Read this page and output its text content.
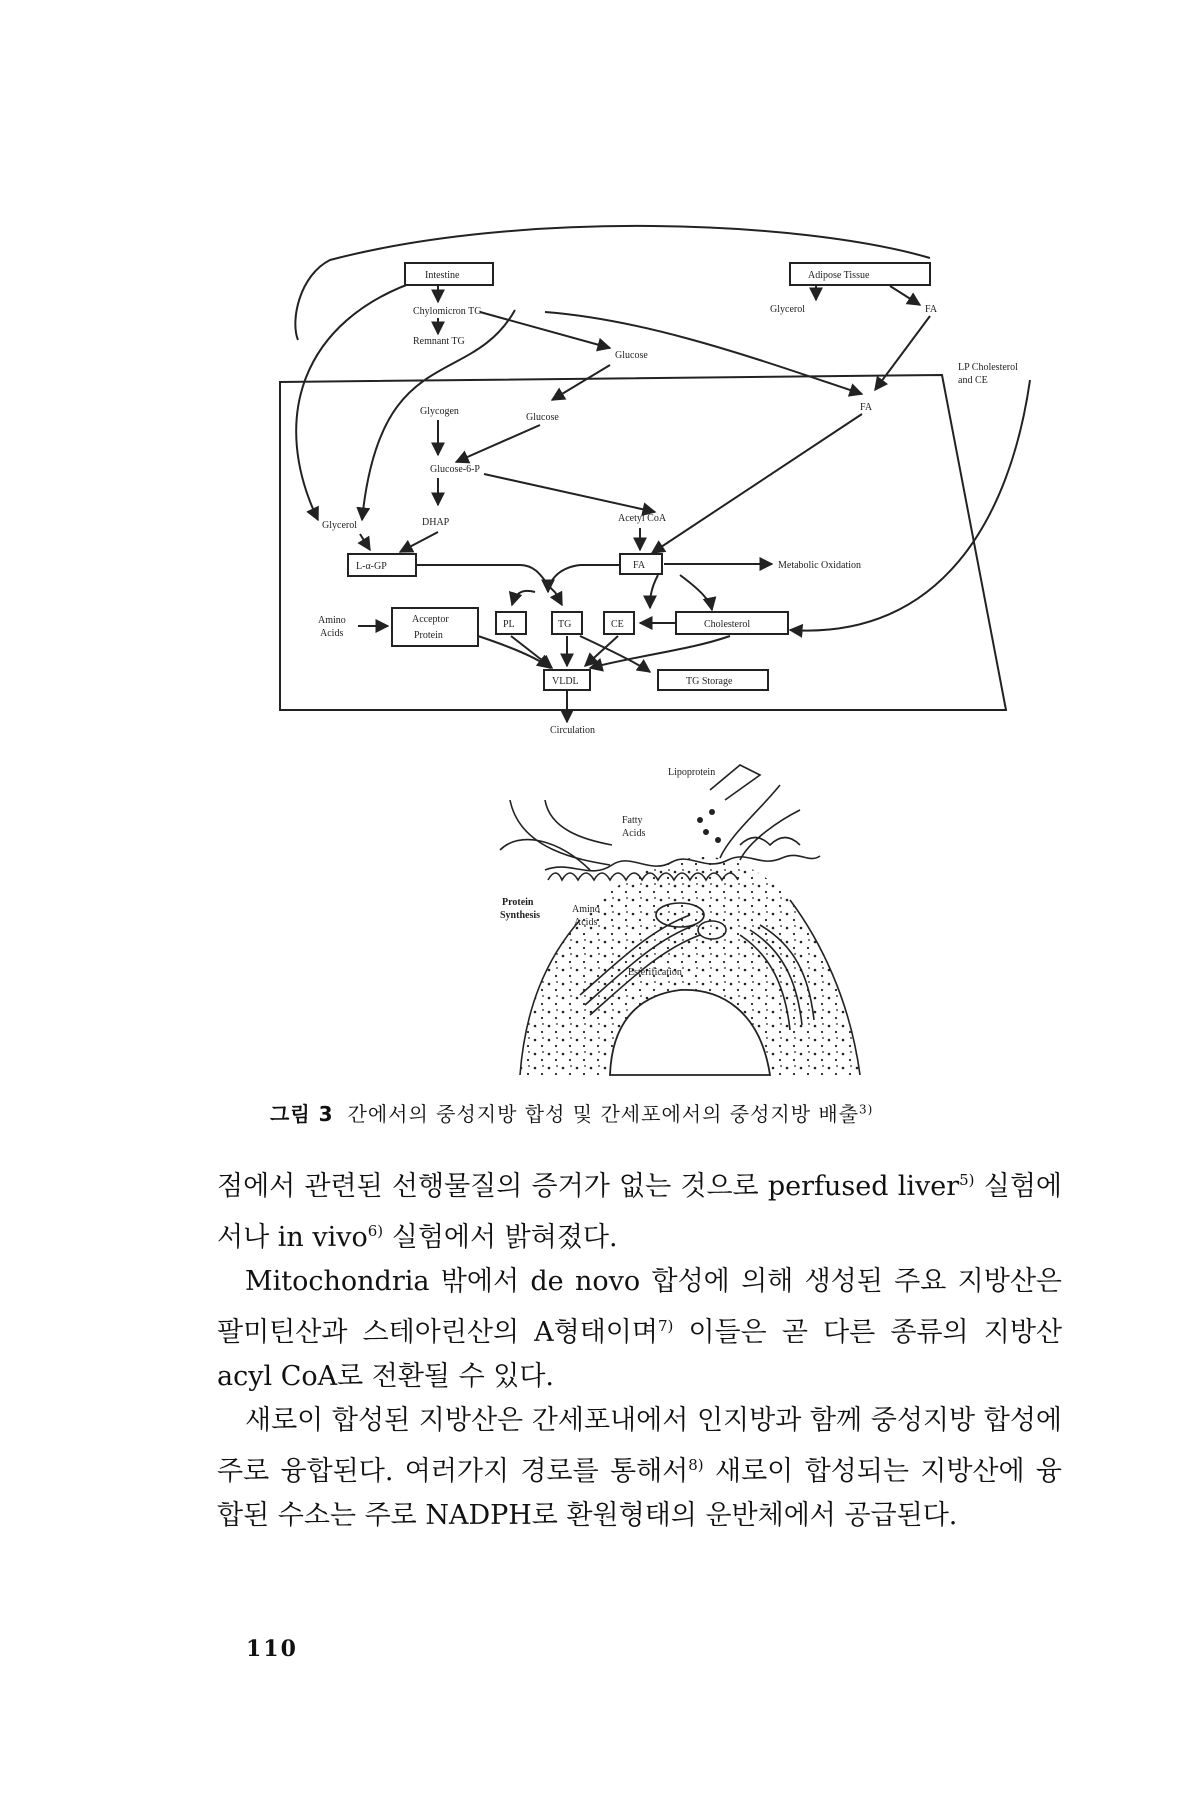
Intestine	Adipose Tissue
Chylomicron TG
Remnant TG
Glycerol	FA
Glucose
FA
LP Cholesterol
and CE
Glycogen
Glucose
Glucose-6-P
Glycerol	DHAP	Acetyl CoA
L-α-GP	FA	Metabolic Oxidation
Amino
Acids
Acceptor
Protein
PL	TG	CE	Cholesterol
VLDL	TG Storage
Circulation
Lipoprotein
Fatty
Acids
Protein
Synthesis
Amino
Acids
Esterification
그림 3 간에서의 중성지방 합성 및 간세포에서의 중성지방 배출$^{3)}$

점에서 관련된 선행물질의 증거가 없는 것으로 perfused liver$^{5)}$ 실험에서나 in vivo$^{6)}$ 실험에서 밝혀졌다.

Mitochondria 밖에서 de novo 합성에 의해 생성된 주요 지방산은 팔미틴산과 스테아린산의 A형태이며$^{7)}$ 이들은 곧 다른 종류의 지방산 acyl CoA로 전환될 수 있다.

새로이 합성된 지방산은 간세포내에서 인지방과 함께 중성지방 합성에 주로 융합된다. 여러가지 경로를 통해서$^{8)}$ 새로이 합성되는 지방산에 융합된 수소는 주로 NADPH로 환원형태의 운반체에서 공급된다.

110
